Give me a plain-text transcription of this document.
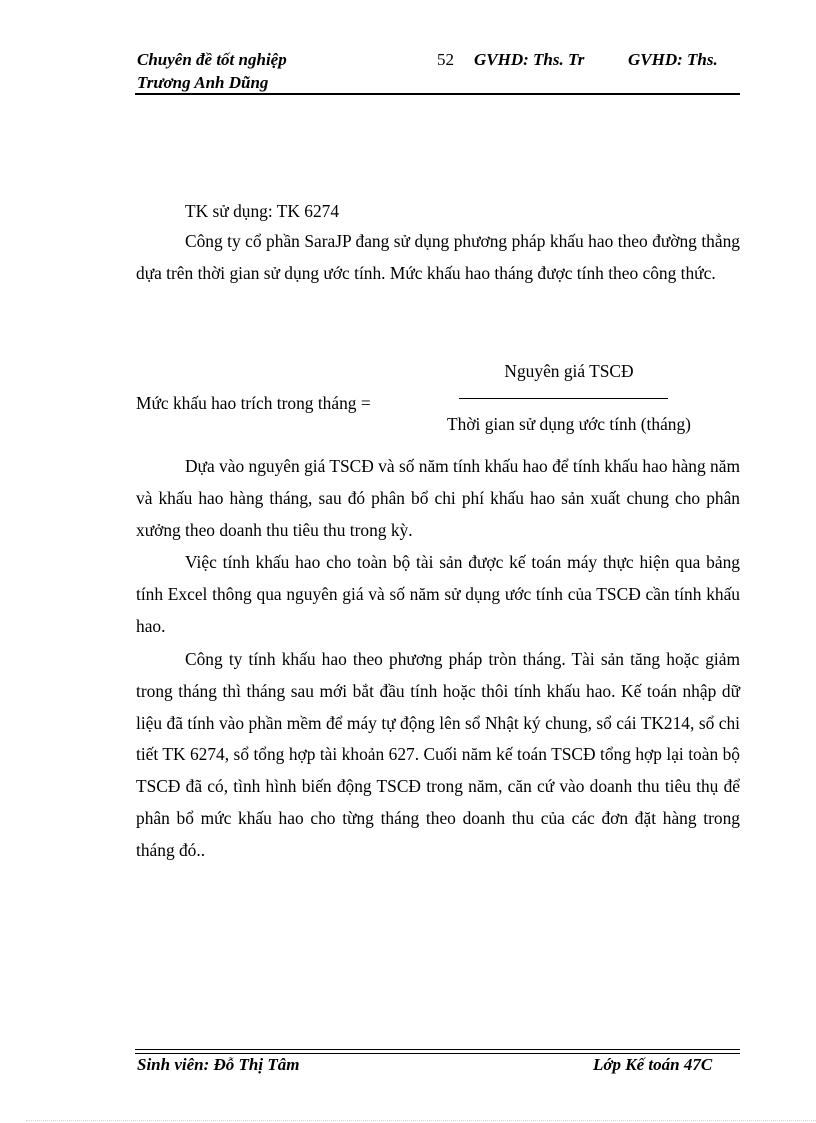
Chuyên đề tốt nghiệp	52 GVHD: Ths. Tr	GVHD: Ths.
Trương Anh Dũng
TK sử dụng: TK 6274
Công ty cổ phần SaraJP đang sử dụng phương pháp khấu hao theo đường thẳng dựa trên thời gian sử dụng ước tính. Mức khấu hao tháng được tính theo công thức.
Mức khấu hao trích trong tháng =
Nguyên giá TSCĐ
Thời gian sử dụng ước tính (tháng)
Dựa vào nguyên giá TSCĐ và số năm tính khấu hao để tính khấu hao hàng năm và khấu hao hàng tháng, sau đó phân bổ chi phí khấu hao sản xuất chung cho phân xưởng theo doanh thu tiêu thu trong kỳ.
Việc tính khấu hao cho toàn bộ tài sản được kế toán máy thực hiện qua bảng tính Excel thông qua nguyên giá và số năm sử dụng ước tính của TSCĐ cần tính khấu hao.
Công ty tính khấu hao theo phương pháp tròn tháng. Tài sản tăng hoặc giảm trong tháng thì tháng sau mới bắt đầu tính hoặc thôi tính khấu hao. Kế toán nhập dữ liệu đã tính vào phần mềm để máy tự động lên sổ Nhật ký chung, sổ cái TK214, sổ chi tiết TK 6274, sổ tổng hợp tài khoản 627. Cuối năm kế toán TSCĐ tổng hợp lại toàn bộ TSCĐ đã có, tình hình biến động TSCĐ trong năm, căn cứ vào doanh thu tiêu thụ để phân bổ mức khấu hao cho từng tháng theo doanh thu của các đơn đặt hàng trong tháng đó..
Sinh viên: Đỗ Thị Tâm	Lớp Kế toán 47C
